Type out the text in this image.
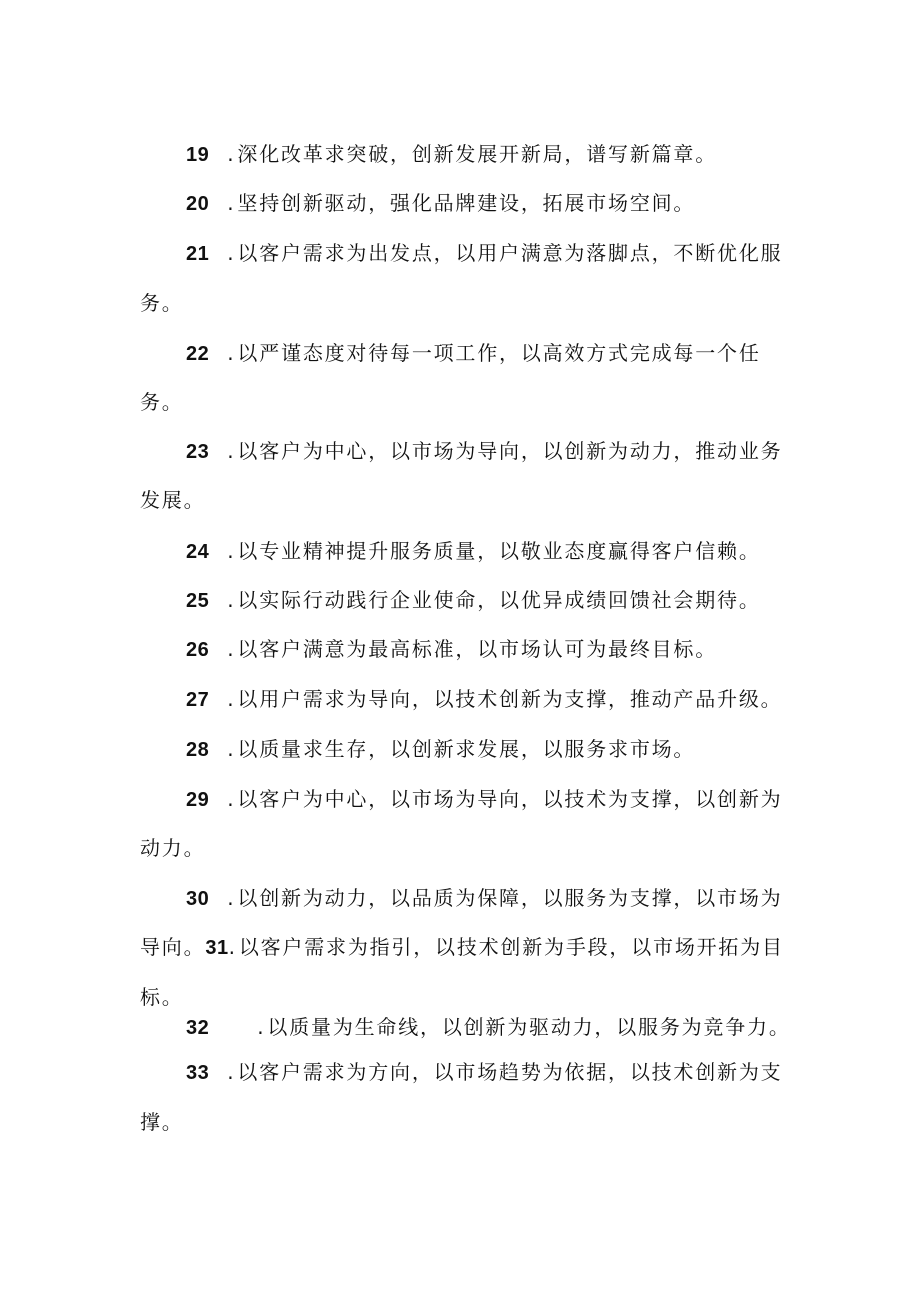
19 . 深化改革求突破，创新发展开新局，谱写新篇章。
20 . 坚持创新驱动，强化品牌建设，拓展市场空间。
21 . 以客户需求为出发点，以用户满意为落脚点，不断优化服
务。
22 . 以严谨态度对待每一项工作，以高效方式完成每一个任
务。
23 . 以客户为中心，以市场为导向，以创新为动力，推动业务
发展。
24 . 以专业精神提升服务质量，以敬业态度赢得客户信赖。
25 . 以实际行动践行企业使命，以优异成绩回馈社会期待。
26 . 以客户满意为最高标准，以市场认可为最终目标。
27 . 以用户需求为导向，以技术创新为支撑，推动产品升级。
28 . 以质量求生存，以创新求发展，以服务求市场。
29 . 以客户为中心，以市场为导向，以技术为支撑，以创新为
动力。
30 . 以创新为动力，以品质为保障，以服务为支撑，以市场为
导向。31. 以客户需求为指引，以技术创新为手段，以市场开拓为目
标。
32 . 以质量为生命线，以创新为驱动力，以服务为竞争力。
33 . 以客户需求为方向，以市场趋势为依据，以技术创新为支
撑。
